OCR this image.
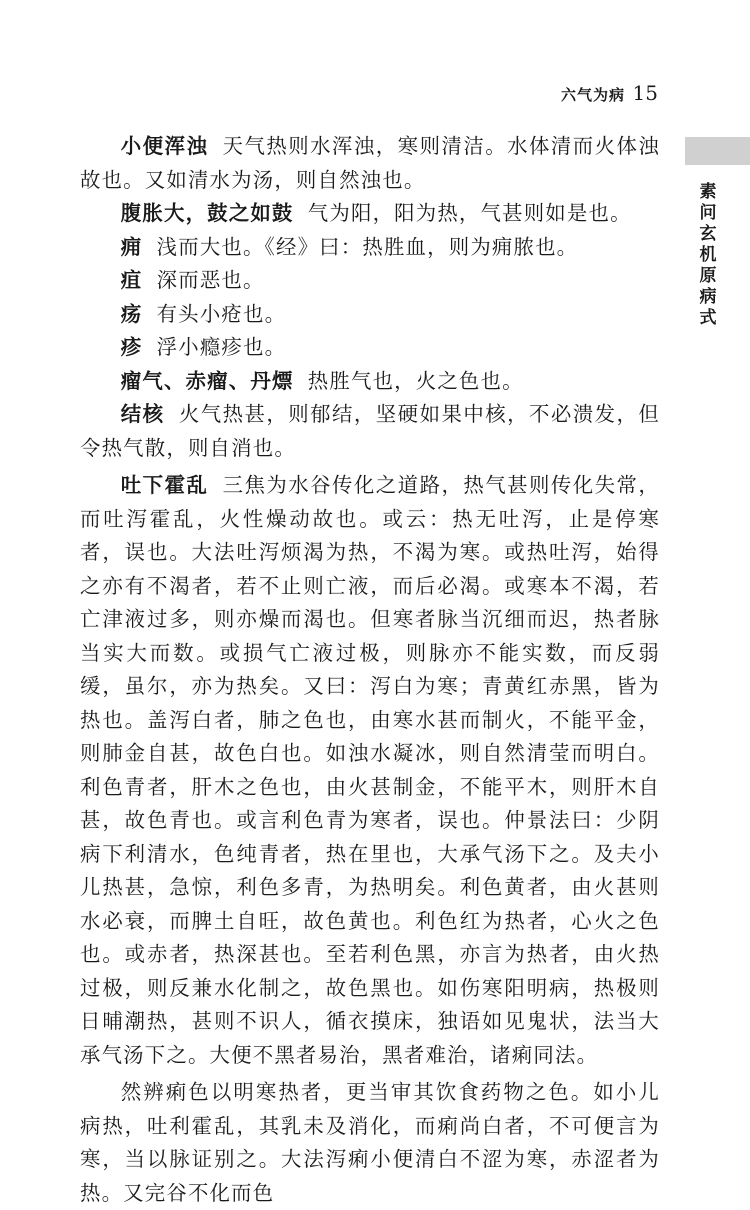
六气为病 15
素问玄机原病式

小便浑浊 天气热则水浑浊，寒则清洁。水体清而火体浊故也。又如清水为汤，则自然浊也。

腹胀大，鼓之如鼓 气为阳，阳为热，气甚则如是也。

痈 浅而大也。《经》曰：热胜血，则为痈脓也。

疽 深而恶也。

疡 有头小疮也。

疹 浮小瘾疹也。

瘤气、赤瘤、丹熛 热胜气也，火之色也。

结核 火气热甚，则郁结，坚硬如果中核，不必溃发，但令热气散，则自消也。

吐下霍乱 三焦为水谷传化之道路，热气甚则传化失常，而吐泻霍乱，火性燥动故也。或云：热无吐泻，止是停寒者，误也。大法吐泻烦渴为热，不渴为寒。或热吐泻，始得之亦有不渴者，若不止则亡液，而后必渴。或寒本不渴，若亡津液过多，则亦燥而渴也。但寒者脉当沉细而迟，热者脉当实大而数。或损气亡液过极，则脉亦不能实数，而反弱缓，虽尔，亦为热矣。又曰：泻白为寒；青黄红赤黑，皆为热也。盖泻白者，肺之色也，由寒水甚而制火，不能平金，则肺金自甚，故色白也。如浊水凝冰，则自然清莹而明白。利色青者，肝木之色也，由火甚制金，不能平木，则肝木自甚，故色青也。或言利色青为寒者，误也。仲景法曰：少阴病下利清水，色纯青者，热在里也，大承气汤下之。及夫小儿热甚，急惊，利色多青，为热明矣。利色黄者，由火甚则水必衰，而脾土自旺，故色黄也。利色红为热者，心火之色也。或赤者，热深甚也。至若利色黑，亦言为热者，由火热过极，则反兼水化制之，故色黑也。如伤寒阳明病，热极则日晡潮热，甚则不识人，循衣摸床，独语如见鬼状，法当大承气汤下之。大便不黑者易治，黑者难治，诸痢同法。

然辨痢色以明寒热者，更当审其饮食药物之色。如小儿病热，吐利霍乱，其乳未及消化，而痢尚白者，不可便言为寒，当以脉证别之。大法泻痢小便清白不涩为寒，赤涩者为热。又完谷不化而色
